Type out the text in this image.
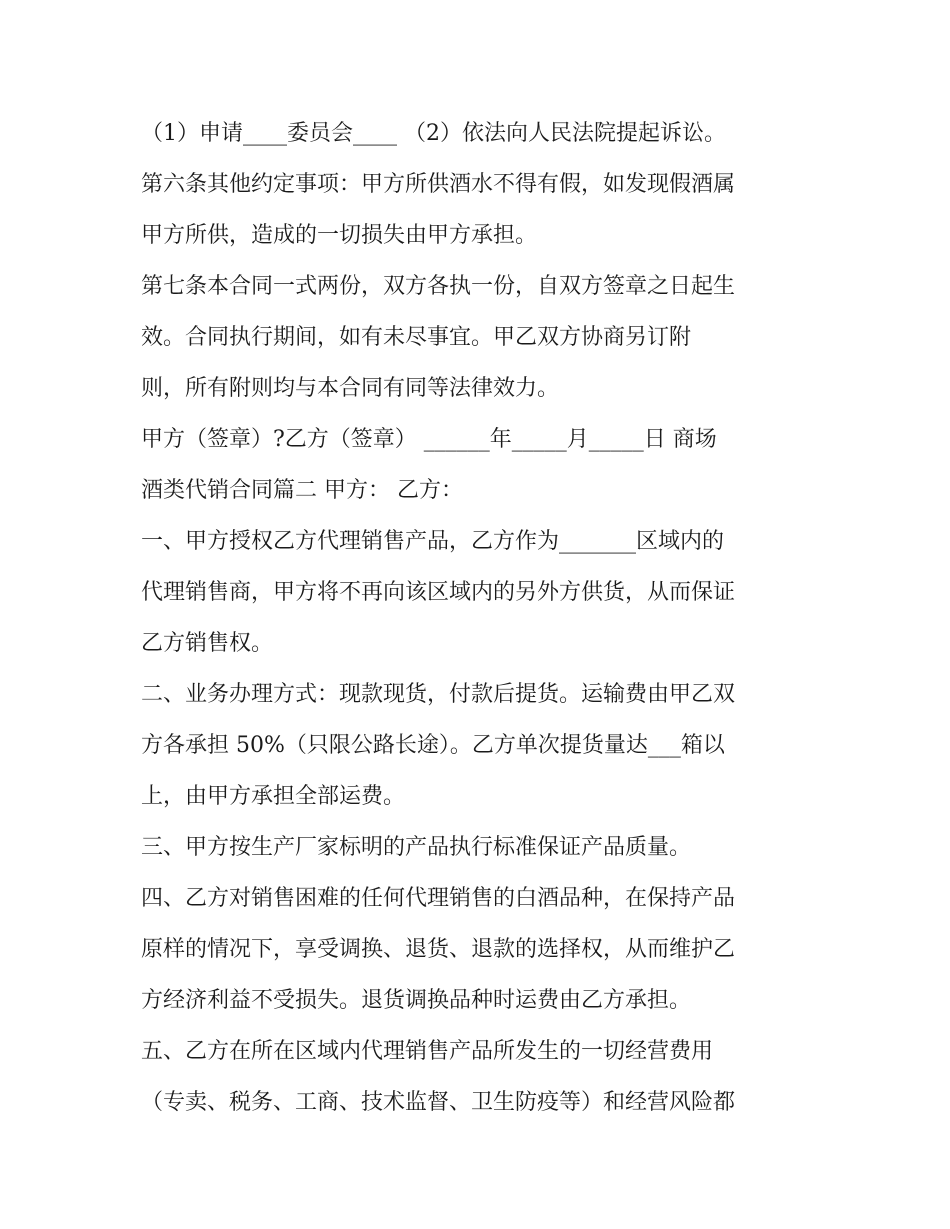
（1）申请____委员会____ （2）依法向人民法院提起诉讼。
第六条其他约定事项：甲方所供酒水不得有假，如发现假酒属
甲方所供，造成的一切损失由甲方承担。
第七条本合同一式两份，双方各执一份，自双方签章之日起生
效。合同执行期间，如有未尽事宜。甲乙双方协商另订附
则，所有附则均与本合同有同等法律效力。
甲方（签章）?乙方（签章） ______年_____月_____日 商场
酒类代销合同篇二 甲方： 乙方：
一、甲方授权乙方代理销售产品，乙方作为_______区域内的
代理销售商，甲方将不再向该区域内的另外方供货，从而保证
乙方销售权。
二、业务办理方式：现款现货，付款后提货。运输费由甲乙双
方各承担 50%（只限公路长途）。乙方单次提货量达___箱以
上，由甲方承担全部运费。
三、甲方按生产厂家标明的产品执行标准保证产品质量。
四、乙方对销售困难的任何代理销售的白酒品种，在保持产品
原样的情况下，享受调换、退货、退款的选择权，从而维护乙
方经济利益不受损失。退货调换品种时运费由乙方承担。
五、乙方在所在区域内代理销售产品所发生的一切经营费用
（专卖、税务、工商、技术监督、卫生防疫等）和经营风险都
